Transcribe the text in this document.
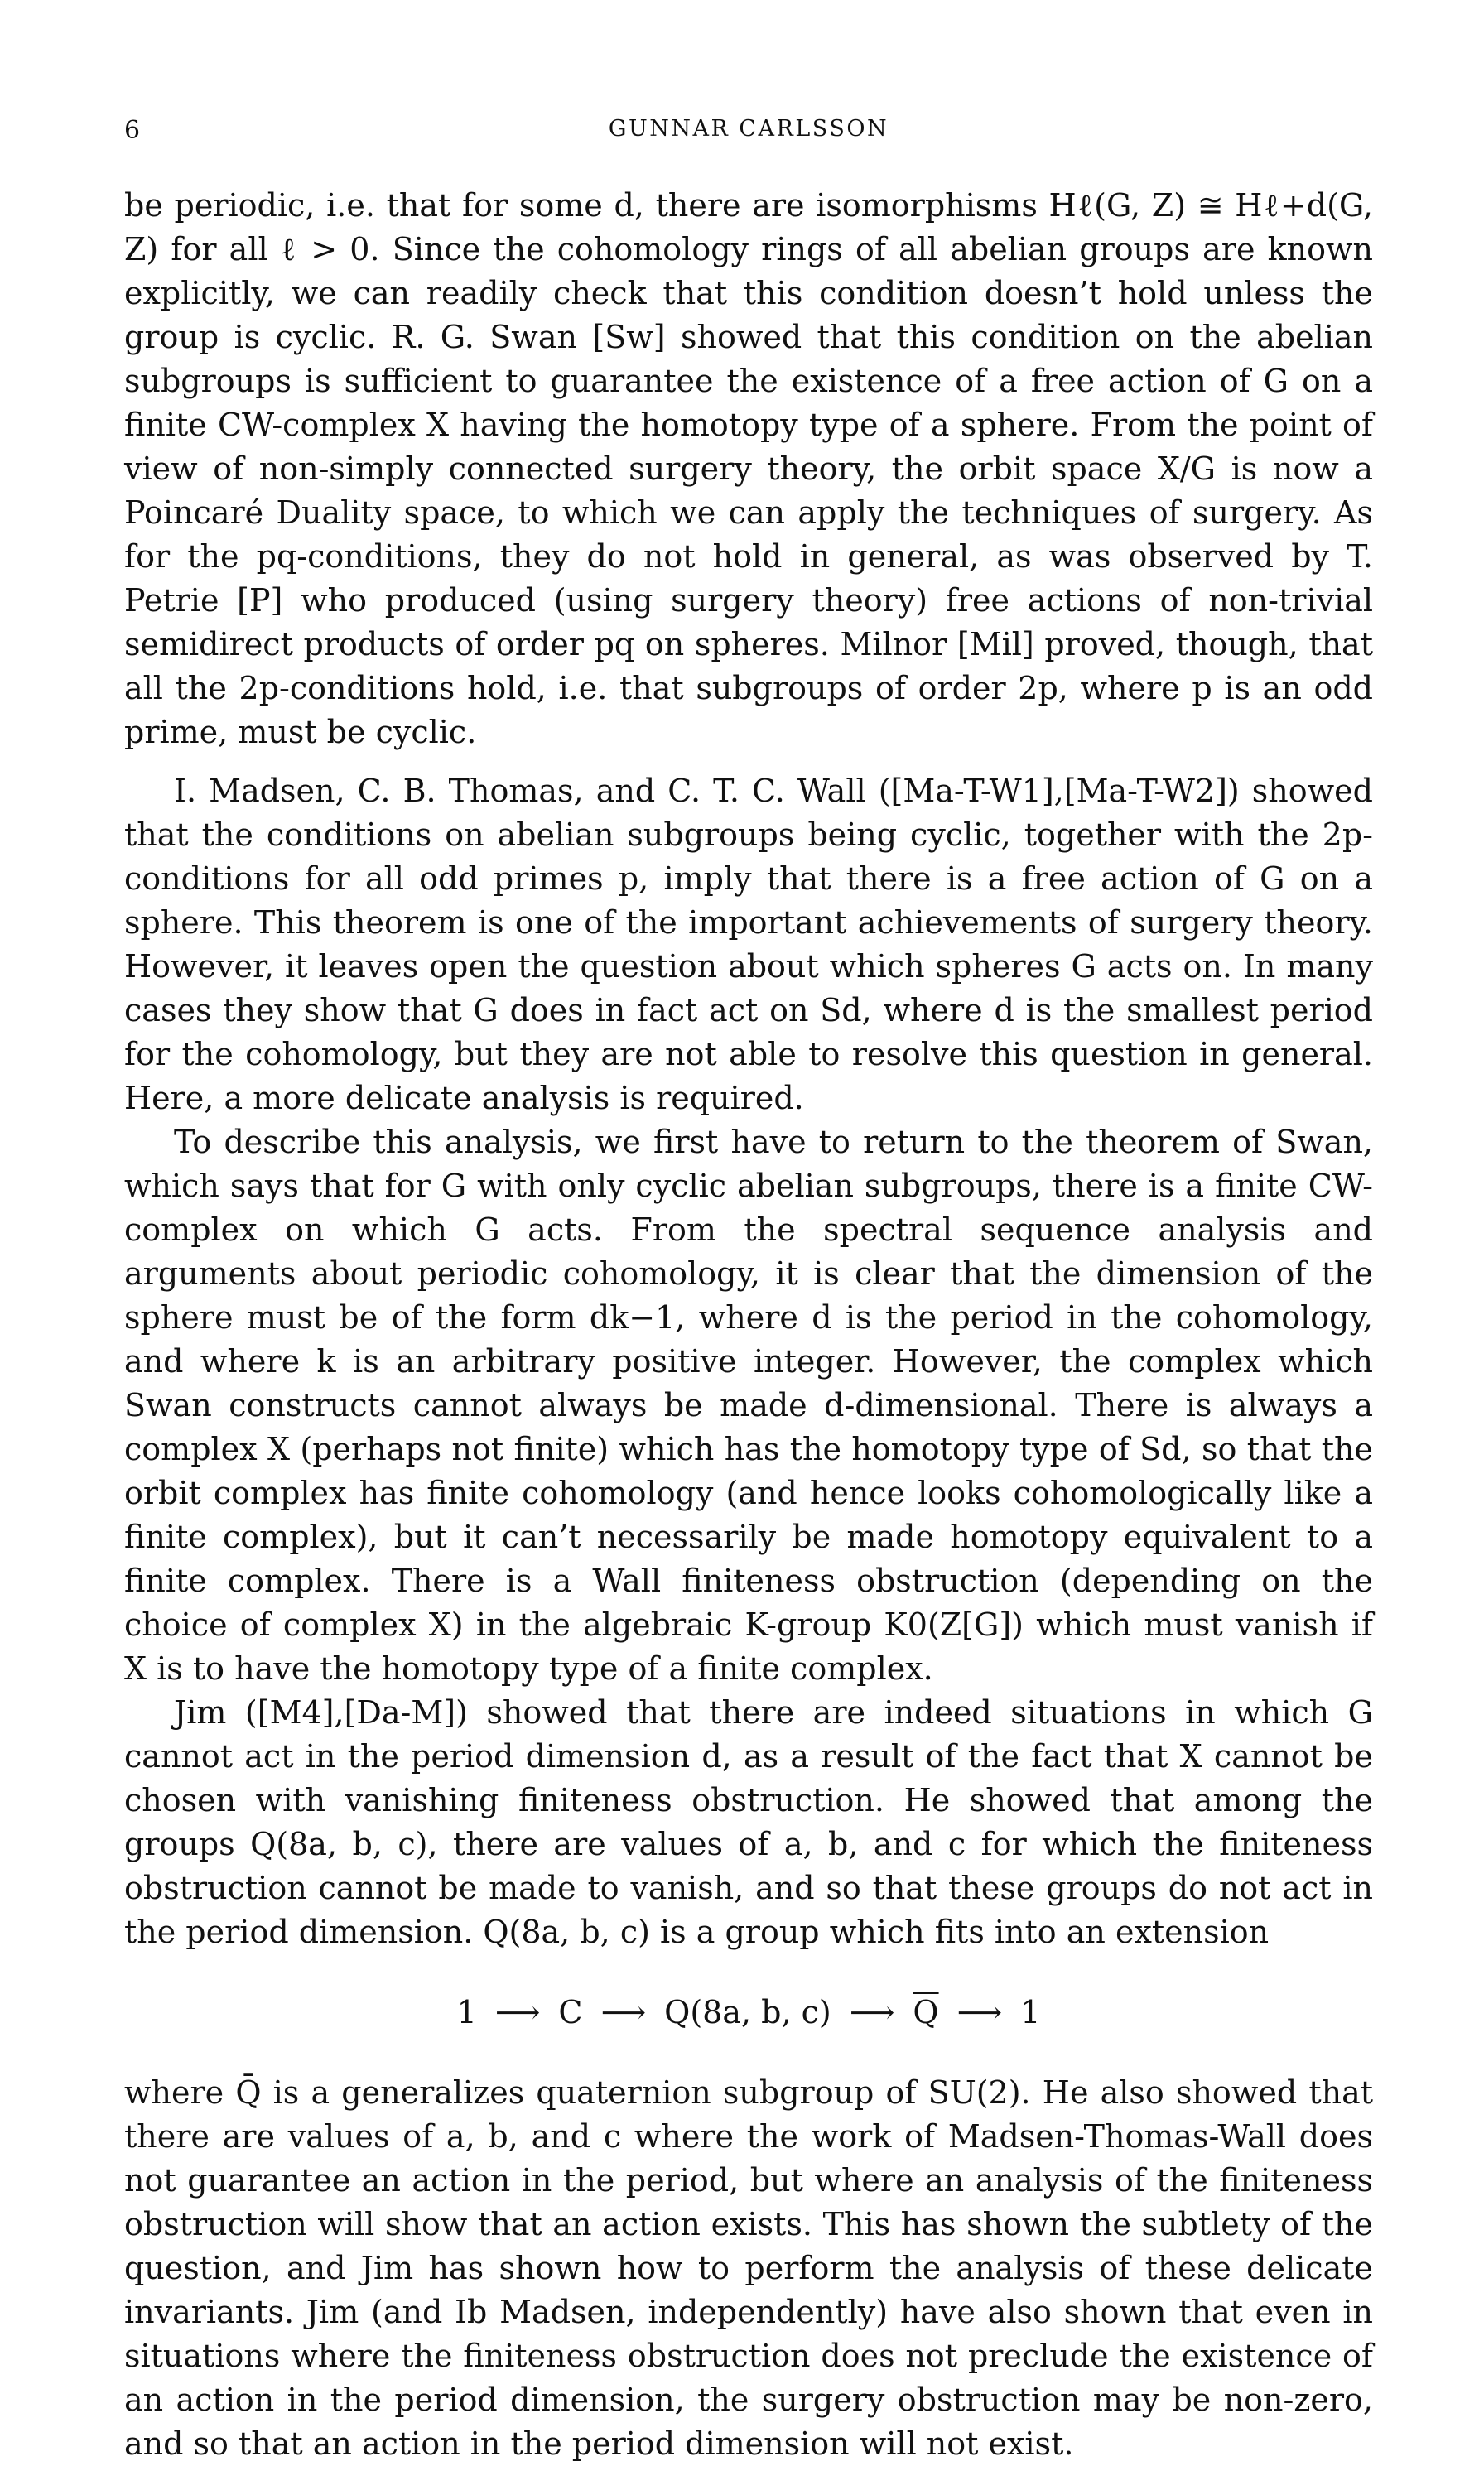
6	GUNNAR CARLSSON

be periodic, i.e. that for some d, there are isomorphisms Hℓ(G, Z) ≅ Hℓ+d(G, Z) for all ℓ > 0. Since the cohomology rings of all abelian groups are known explicitly, we can readily check that this condition doesn’t hold unless the group is cyclic. R. G. Swan [Sw] showed that this condition on the abelian subgroups is sufficient to guarantee the existence of a free action of G on a finite CW-complex X having the homotopy type of a sphere. From the point of view of non-simply connected surgery theory, the orbit space X/G is now a Poincaré Duality space, to which we can apply the techniques of surgery. As for the pq-conditions, they do not hold in general, as was observed by T. Petrie [P] who produced (using surgery theory) free actions of non-trivial semidirect products of order pq on spheres. Milnor [Mil] proved, though, that all the 2p-conditions hold, i.e. that subgroups of order 2p, where p is an odd prime, must be cyclic.

I. Madsen, C. B. Thomas, and C. T. C. Wall ([Ma-T-W1],[Ma-T-W2]) showed that the conditions on abelian subgroups being cyclic, together with the 2p-conditions for all odd primes p, imply that there is a free action of G on a sphere. This theorem is one of the important achievements of surgery theory. However, it leaves open the question about which spheres G acts on. In many cases they show that G does in fact act on Sd, where d is the smallest period for the cohomology, but they are not able to resolve this question in general. Here, a more delicate analysis is required.

To describe this analysis, we first have to return to the theorem of Swan, which says that for G with only cyclic abelian subgroups, there is a finite CW-complex on which G acts. From the spectral sequence analysis and arguments about periodic cohomology, it is clear that the dimension of the sphere must be of the form dk−1, where d is the period in the cohomology, and where k is an arbitrary positive integer. However, the complex which Swan constructs cannot always be made d-dimensional. There is always a complex X (perhaps not finite) which has the homotopy type of Sd, so that the orbit complex has finite cohomology (and hence looks cohomologically like a finite complex), but it can’t necessarily be made homotopy equivalent to a finite complex. There is a Wall finiteness obstruction (depending on the choice of complex X) in the algebraic K-group K0(Z[G]) which must vanish if X is to have the homotopy type of a finite complex.

Jim ([M4],[Da-M]) showed that there are indeed situations in which G cannot act in the period dimension d, as a result of the fact that X cannot be chosen with vanishing finiteness obstruction. He showed that among the groups Q(8a, b, c), there are values of a, b, and c for which the finiteness obstruction cannot be made to vanish, and so that these groups do not act in the period dimension. Q(8a, b, c) is a group which fits into an extension

1 ⟶ C ⟶ Q(8a, b, c) ⟶ $\overline{Q}$ ⟶ 1

where Q̄ is a generalizes quaternion subgroup of SU(2). He also showed that there are values of a, b, and c where the work of Madsen-Thomas-Wall does not guarantee an action in the period, but where an analysis of the finiteness obstruction will show that an action exists. This has shown the subtlety of the question, and Jim has shown how to perform the analysis of these delicate invariants. Jim (and Ib Madsen, independently) have also shown that even in situations where the finiteness obstruction does not preclude the existence of an action in the period dimension, the surgery obstruction may be non-zero, and so that an action in the period dimension will not exist.
